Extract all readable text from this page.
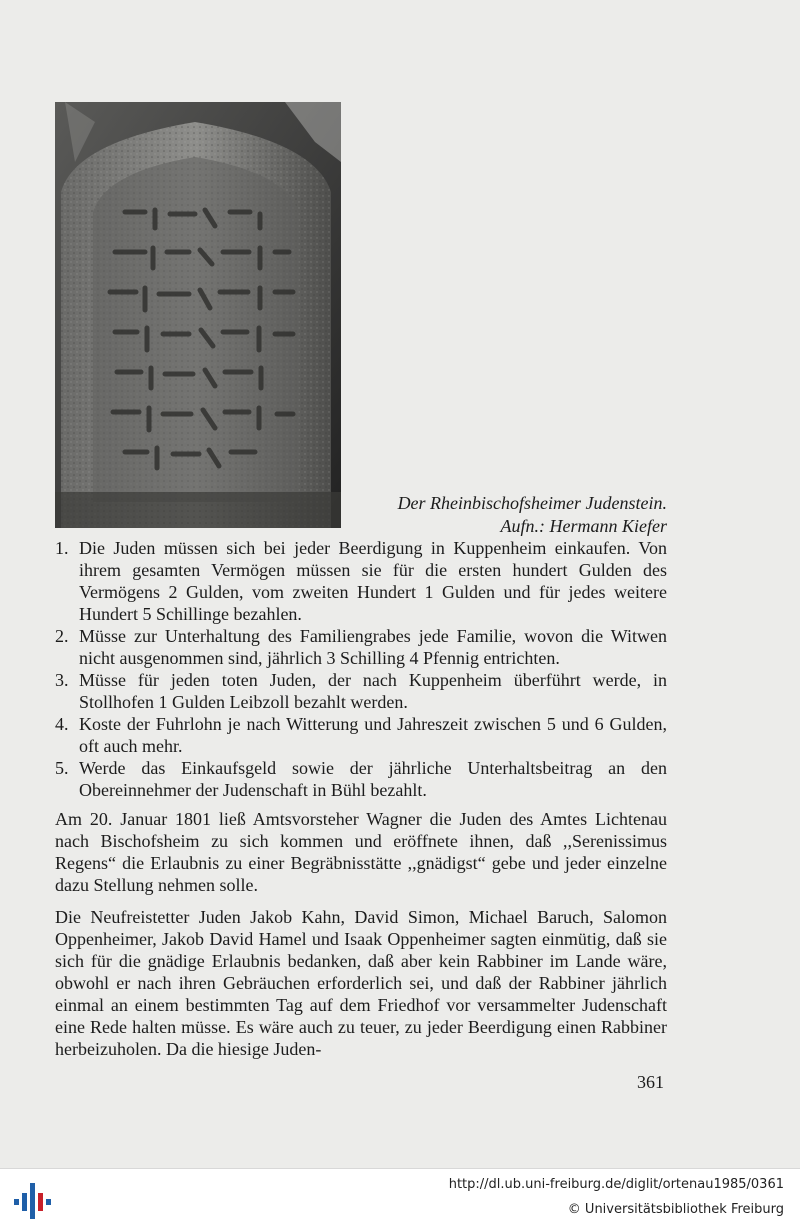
Der Rheinbischofsheimer Judenstein.
Aufn.: Hermann Kiefer
1. Die Juden müssen sich bei jeder Beerdigung in Kuppenheim einkaufen. Von ihrem gesamten Vermögen müssen sie für die ersten hundert Gulden des Vermögens 2 Gulden, vom zweiten Hundert 1 Gulden und für jedes weitere Hundert 5 Schillinge bezahlen.
2. Müsse zur Unterhaltung des Familiengrabes jede Familie, wovon die Witwen nicht ausgenommen sind, jährlich 3 Schilling 4 Pfennig entrichten.
3. Müsse für jeden toten Juden, der nach Kuppenheim überführt werde, in Stollhofen 1 Gulden Leibzoll bezahlt werden.
4. Koste der Fuhrlohn je nach Witterung und Jahreszeit zwischen 5 und 6 Gulden, oft auch mehr.
5. Werde das Einkaufsgeld sowie der jährliche Unterhaltsbeitrag an den Obereinnehmer der Judenschaft in Bühl bezahlt.

Am 20. Januar 1801 ließ Amtsvorsteher Wagner die Juden des Amtes Lichtenau nach Bischofsheim zu sich kommen und eröffnete ihnen, daß ,,Serenissimus Regens“ die Erlaubnis zu einer Begräbnisstätte ,,gnädigst“ gebe und jeder einzelne dazu Stellung nehmen solle.

Die Neufreistetter Juden Jakob Kahn, David Simon, Michael Baruch, Salomon Oppenheimer, Jakob David Hamel und Isaak Oppenheimer sagten einmütig, daß sie sich für die gnädige Erlaubnis bedanken, daß aber kein Rabbiner im Lande wäre, obwohl er nach ihren Gebräuchen erforderlich sei, und daß der Rabbiner jährlich einmal an einem bestimmten Tag auf dem Friedhof vor versammelter Judenschaft eine Rede halten müsse. Es wäre auch zu teuer, zu jeder Beerdigung einen Rabbiner herbeizuholen. Da die hiesige Juden-

361
http://dl.ub.uni-freiburg.de/diglit/ortenau1985/0361
© Universitätsbibliothek Freiburg
